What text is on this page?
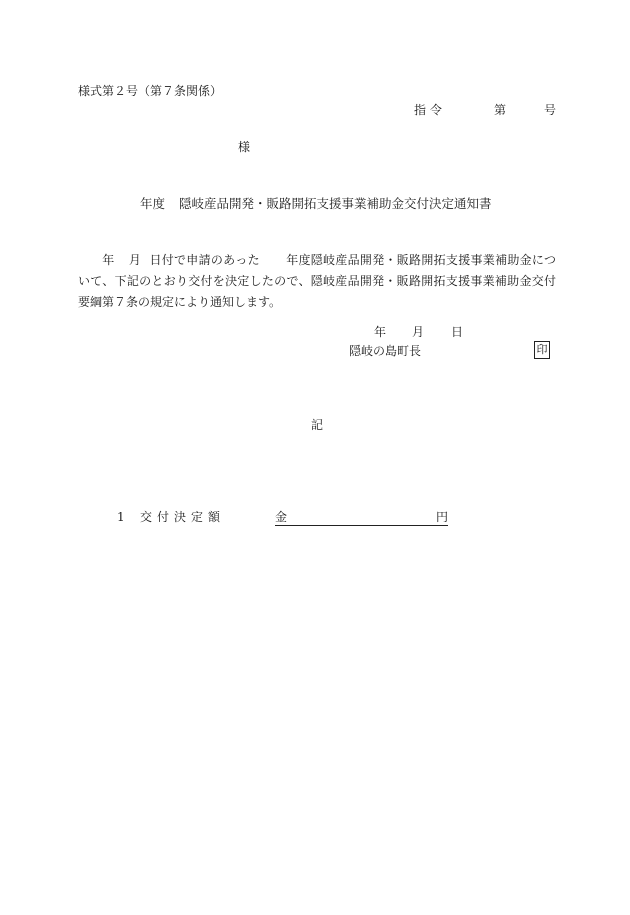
様式第２号（第７条関係）
指令	第	号
様
年度 隠岐産品開発・販路開拓支援事業補助金交付決定通知書
年 月 日付で申請のあった 年度隠岐産品開発・販路開拓支援事業補助金について、下記のとおり交付を決定したので、隠岐産品開発・販路開拓支援事業補助金交付要綱第７条の規定により通知します。
年 月 日
隠岐の島町長	印
記
1 交付決定額	金	円
